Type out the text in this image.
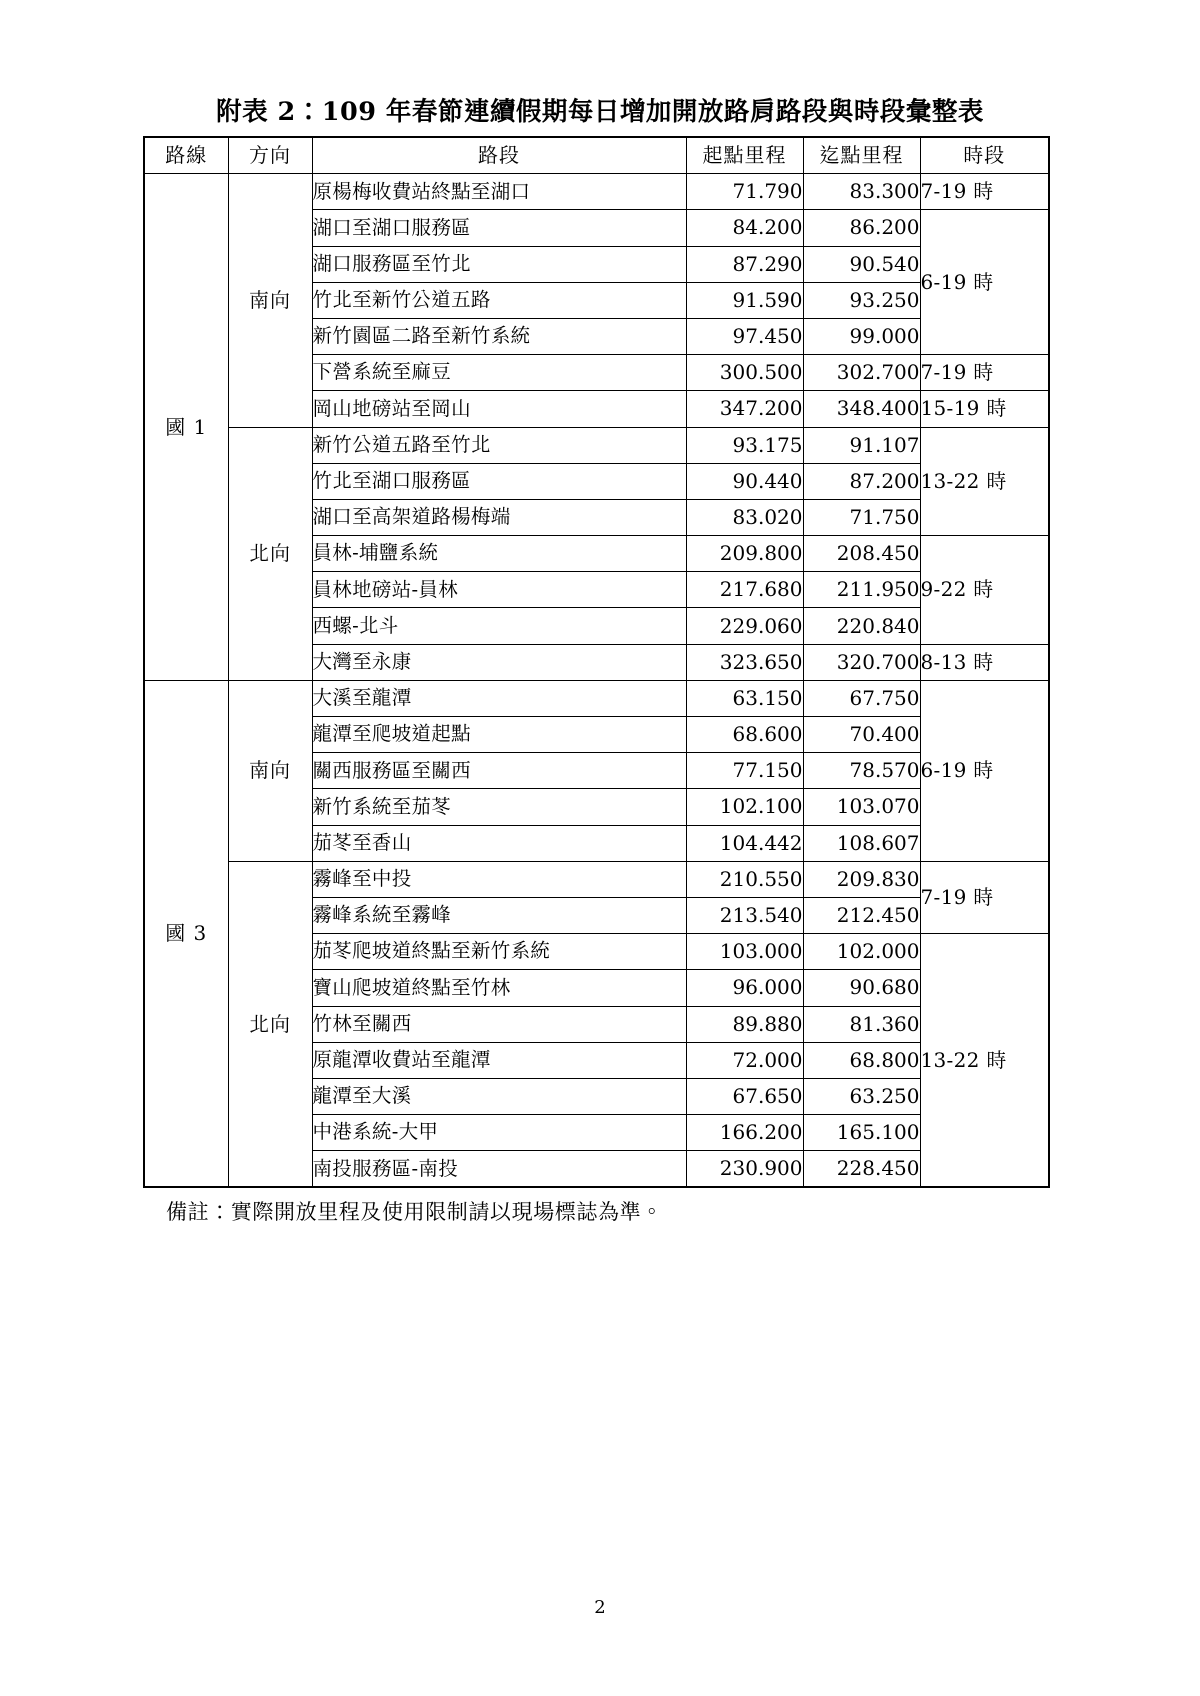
附表 2：109 年春節連續假期每日增加開放路肩路段與時段彙整表
路線	方向	路段	起點里程	迄點里程	時段
國 1	南向	原楊梅收費站終點至湖口	71.790	83.300	7-19 時
		湖口至湖口服務區	84.200	86.200	6-19 時
		湖口服務區至竹北	87.290	90.540	
		竹北至新竹公道五路	91.590	93.250	
		新竹園區二路至新竹系統	97.450	99.000	
		下營系統至麻豆	300.500	302.700	7-19 時
		岡山地磅站至岡山	347.200	348.400	15-19 時
	北向	新竹公道五路至竹北	93.175	91.107	13-22 時
		竹北至湖口服務區	90.440	87.200	
		湖口至高架道路楊梅端	83.020	71.750	
		員林-埔鹽系統	209.800	208.450	9-22 時
		員林地磅站-員林	217.680	211.950	
		西螺-北斗	229.060	220.840	
		大灣至永康	323.650	320.700	8-13 時
國 3	南向	大溪至龍潭	63.150	67.750	6-19 時
		龍潭至爬坡道起點	68.600	70.400	
		關西服務區至關西	77.150	78.570	
		新竹系統至茄苳	102.100	103.070	
		茄苳至香山	104.442	108.607	
	北向	霧峰至中投	210.550	209.830	7-19 時
		霧峰系統至霧峰	213.540	212.450	
		茄苳爬坡道終點至新竹系統	103.000	102.000	13-22 時
		寶山爬坡道終點至竹林	96.000	90.680	
		竹林至關西	89.880	81.360	
		原龍潭收費站至龍潭	72.000	68.800	
		龍潭至大溪	67.650	63.250	
		中港系統-大甲	166.200	165.100	
		南投服務區-南投	230.900	228.450	
備註：實際開放里程及使用限制請以現場標誌為準。
2
